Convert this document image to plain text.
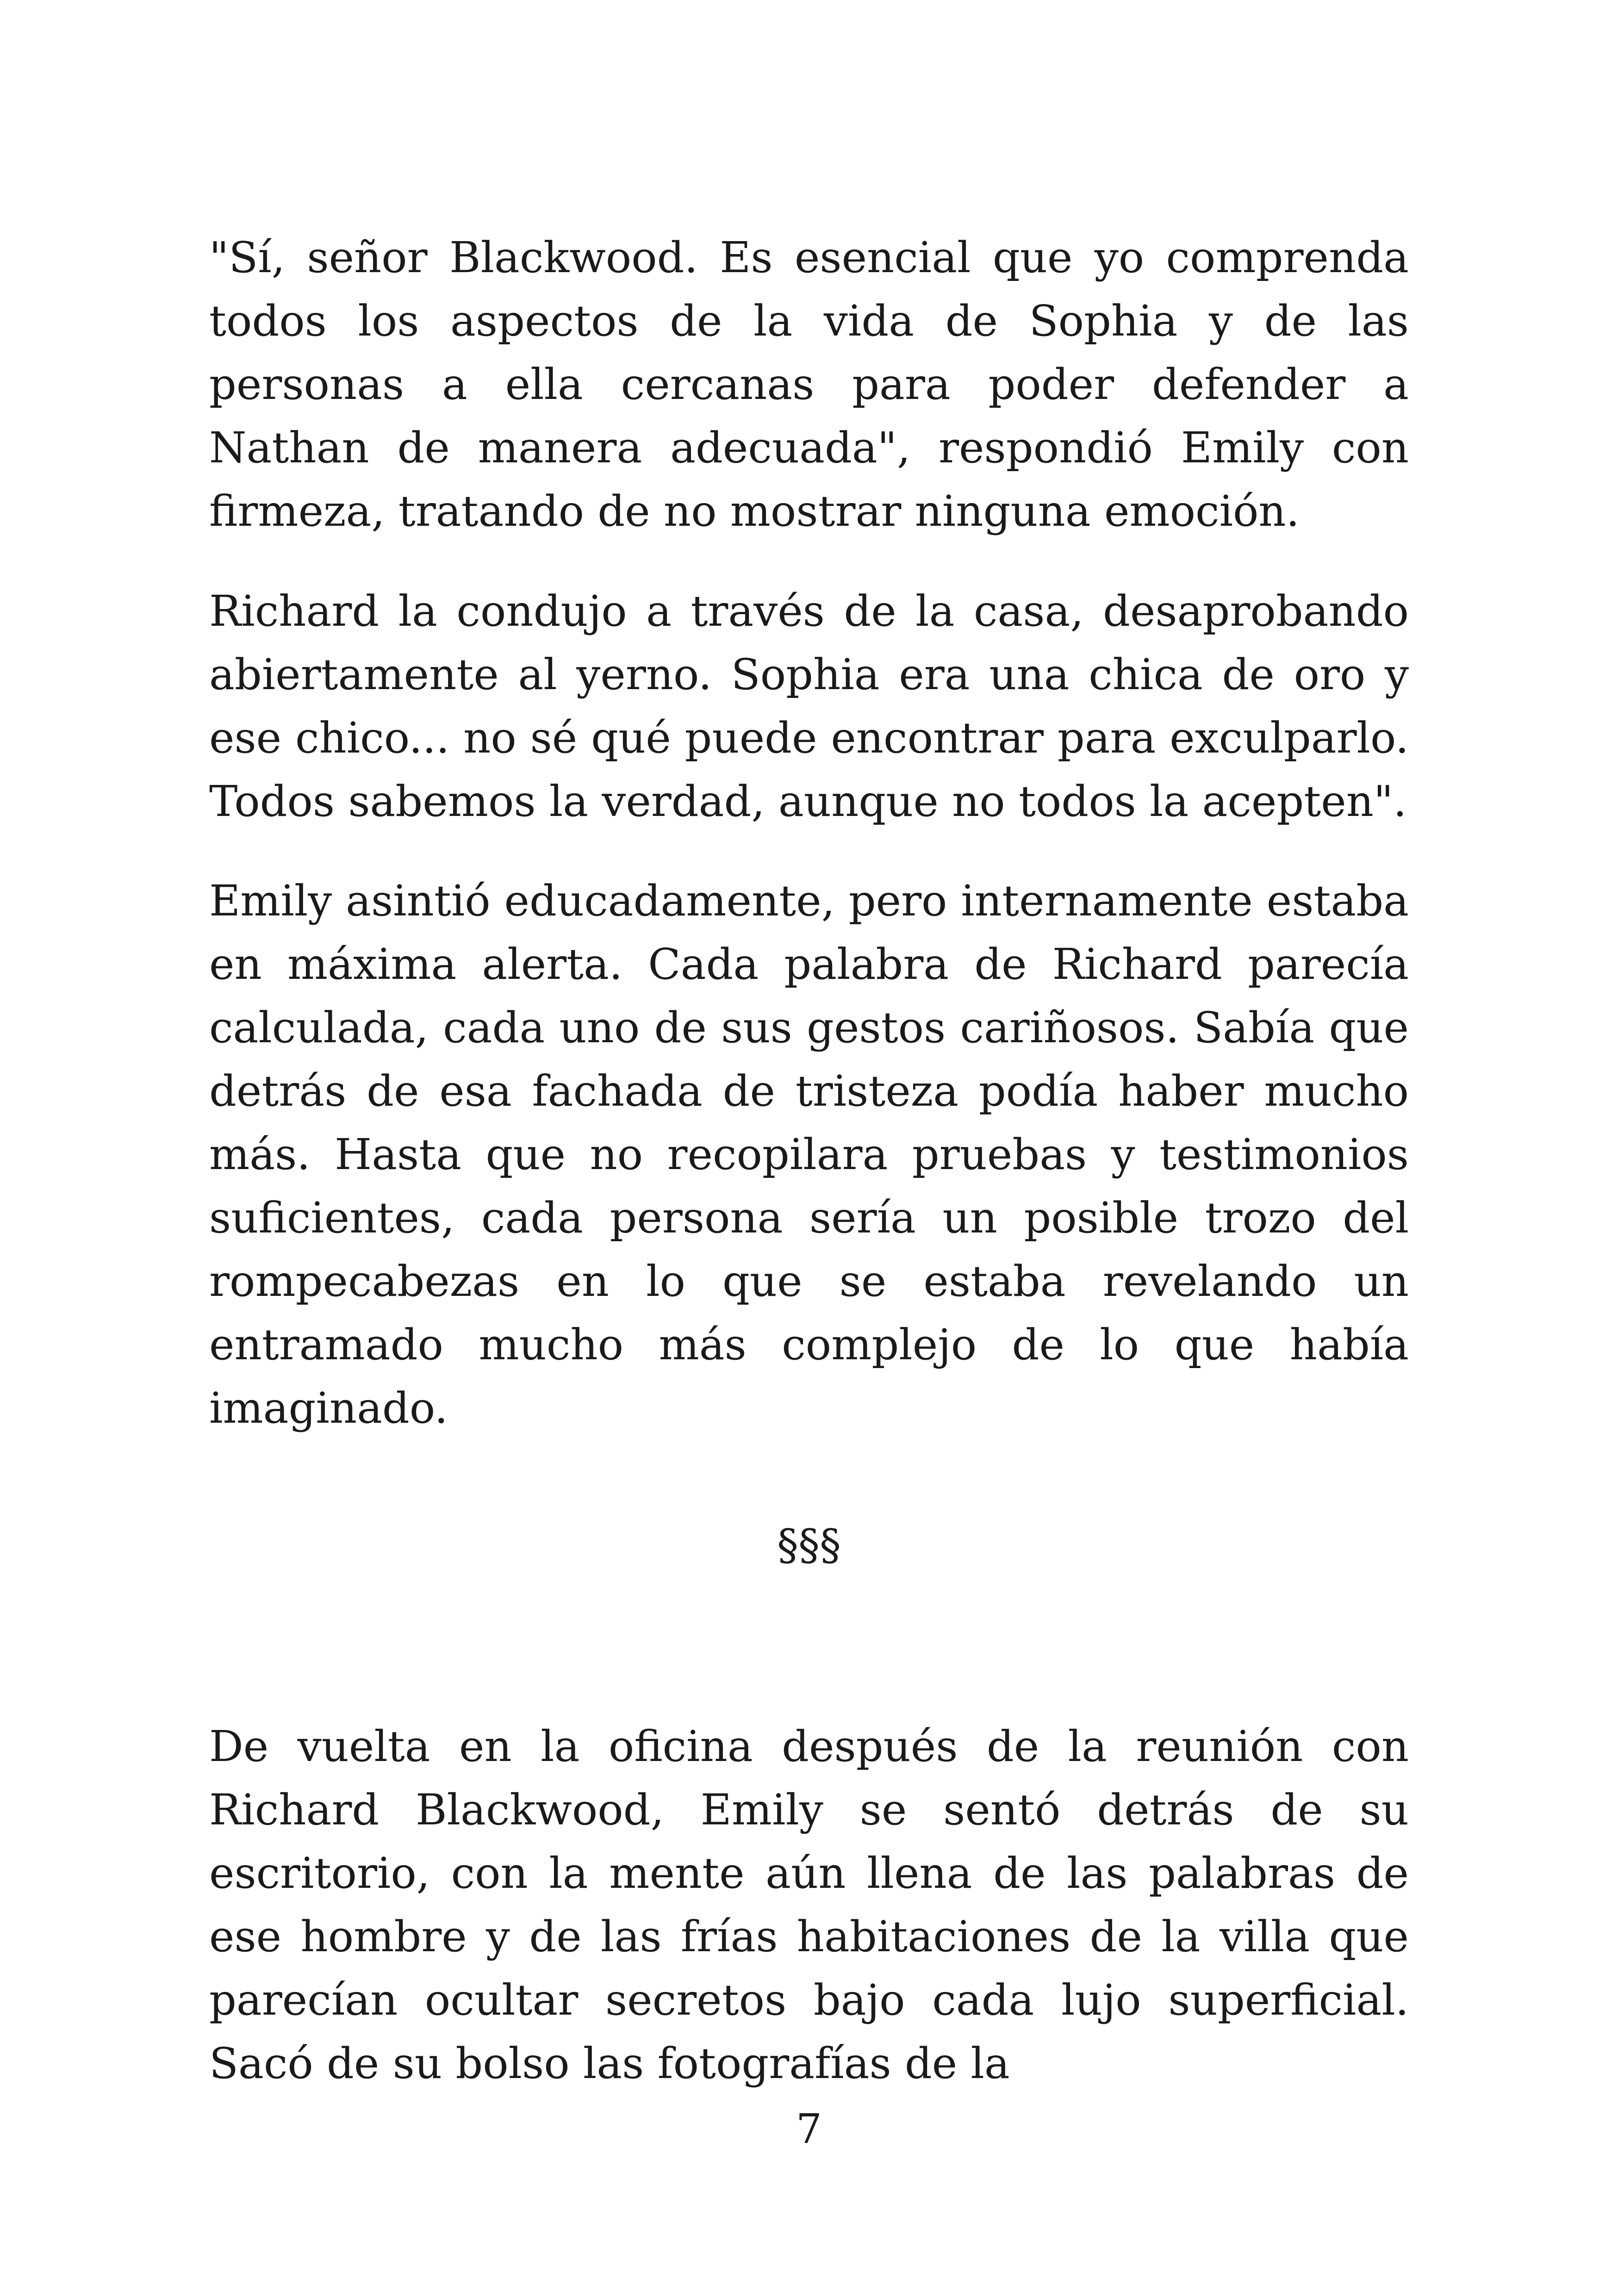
"Sí, señor Blackwood. Es esencial que yo comprenda todos los aspectos de la vida de Sophia y de las personas a ella cercanas para poder defender a Nathan de manera adecuada", respondió Emily con firmeza, tratando de no mostrar ninguna emoción.

Richard la condujo a través de la casa, desaprobando abiertamente al yerno. Sophia era una chica de oro y ese chico... no sé qué puede encontrar para exculparlo. Todos sabemos la verdad, aunque no todos la acepten".

Emily asintió educadamente, pero internamente estaba en máxima alerta. Cada palabra de Richard parecía calculada, cada uno de sus gestos cariñosos. Sabía que detrás de esa fachada de tristeza podía haber mucho más. Hasta que no recopilara pruebas y testimonios suficientes, cada persona sería un posible trozo del rompecabezas en lo que se estaba revelando un entramado mucho más complejo de lo que había imaginado.

§§§

De vuelta en la oficina después de la reunión con Richard Blackwood, Emily se sentó detrás de su escritorio, con la mente aún llena de las palabras de ese hombre y de las frías habitaciones de la villa que parecían ocultar secretos bajo cada lujo superficial. Sacó de su bolso las fotografías de la

7
